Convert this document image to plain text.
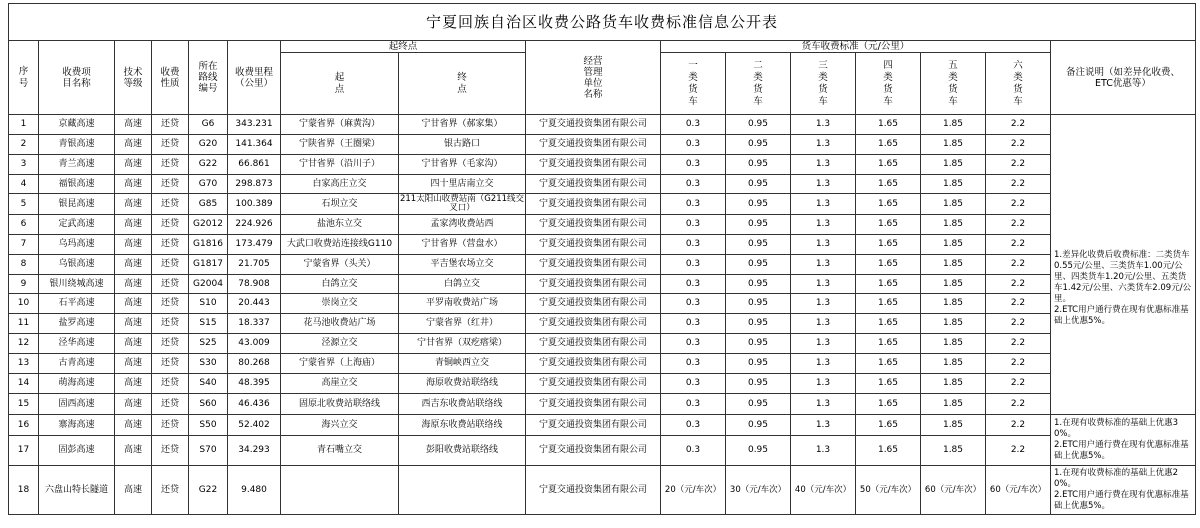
宁夏回族自治区收费公路货车收费标准信息公开表															
序号	收费项目名称	技术等级	收费性质	所在路线编号	收费里程（公里）	起终点		经营管理单位名称	货车收费标准（元/公里）						备注说明（如差异化收费、ETC优惠等）
						起点	终点		一类货车	二类货车	三类货车	四类货车	五类货车	六类货车	
1	京藏高速	高速	还贷	G6	343.231	宁蒙省界（麻黄沟）	宁甘省界（郝家集）	宁夏交通投资集团有限公司	0.3	0.95	1.3	1.65	1.85	2.2	1.差异化收费后收费标准：二类货车0.55元/公里、三类货车1.00元/公里、四类货车1.20元/公里、五类货车1.42元/公里、六类货车2.09元/公里。

2.ETC用户通行费在现有优惠标准基础上优惠5%。

2	青银高速	高速	还贷	G20	141.364	宁陕省界（王圈梁）	银古路口	宁夏交通投资集团有限公司	0.3	0.95	1.3	1.65	1.85	2.2	
3	青兰高速	高速	还贷	G22	66.861	宁甘省界（沿川子）	宁甘省界（毛家沟）	宁夏交通投资集团有限公司	0.3	0.95	1.3	1.65	1.85	2.2	
4	福银高速	高速	还贷	G70	298.873	白家高庄立交	四十里店南立交	宁夏交通投资集团有限公司	0.3	0.95	1.3	1.65	1.85	2.2	
5	银昆高速	高速	还贷	G85	100.389	石坝立交	211太阳山收费站南（G211线交叉口）	宁夏交通投资集团有限公司	0.3	0.95	1.3	1.65	1.85	2.2	
6	定武高速	高速	还贷	G2012	224.926	盐池东立交	孟家湾收费站西	宁夏交通投资集团有限公司	0.3	0.95	1.3	1.65	1.85	2.2	
7	乌玛高速	高速	还贷	G1816	173.479	大武口收费站连接线G110	宁甘省界（营盘水）	宁夏交通投资集团有限公司	0.3	0.95	1.3	1.65	1.85	2.2	
8	乌银高速	高速	还贷	G1817	21.705	宁蒙省界（头关）	平吉堡农场立交	宁夏交通投资集团有限公司	0.3	0.95	1.3	1.65	1.85	2.2	
9	银川绕城高速	高速	还贷	G2004	78.908	白鸽立交	白鸽立交	宁夏交通投资集团有限公司	0.3	0.95	1.3	1.65	1.85	2.2	
10	石平高速	高速	还贷	S10	20.443	崇岗立交	平罗南收费站广场	宁夏交通投资集团有限公司	0.3	0.95	1.3	1.65	1.85	2.2	
11	盐罗高速	高速	还贷	S15	18.337	花马池收费站广场	宁蒙省界（红井）	宁夏交通投资集团有限公司	0.3	0.95	1.3	1.65	1.85	2.2	
12	泾华高速	高速	还贷	S25	43.009	泾源立交	宁甘省界（双疙瘩梁）	宁夏交通投资集团有限公司	0.3	0.95	1.3	1.65	1.85	2.2	
13	古青高速	高速	还贷	S30	80.268	宁蒙省界（上海庙）	青铜峡西立交	宁夏交通投资集团有限公司	0.3	0.95	1.3	1.65	1.85	2.2	
14	萌海高速	高速	还贷	S40	48.395	高崖立交	海原收费站联络线	宁夏交通投资集团有限公司	0.3	0.95	1.3	1.65	1.85	2.2	
15	固西高速	高速	还贷	S60	46.436	固原北收费站联络线	西吉东收费站联络线	宁夏交通投资集团有限公司	0.3	0.95	1.3	1.65	1.85	2.2	
16	寨海高速	高速	还贷	S50	52.402	海兴立交	海原东收费站联络线	宁夏交通投资集团有限公司	0.3	0.95	1.3	1.65	1.85	2.2	1.在现有收费标准的基础上优惠30%。

2.ETC用户通行费在现有优惠标准基础上优惠5%。

17	固彭高速	高速	还贷	S70	34.293	青石嘴立交	彭阳收费站联络线	宁夏交通投资集团有限公司	0.3	0.95	1.3	1.65	1.85	2.2	
18	六盘山特长隧道	高速	还贷	G22	9.480			宁夏交通投资集团有限公司	20（元/车次）	30（元/车次）	40（元/车次）	50（元/车次）	60（元/车次）	60（元/车次）	1.在现有收费标准的基础上优惠20%。

2.ETC用户通行费在现有优惠标准基础上优惠5%。
